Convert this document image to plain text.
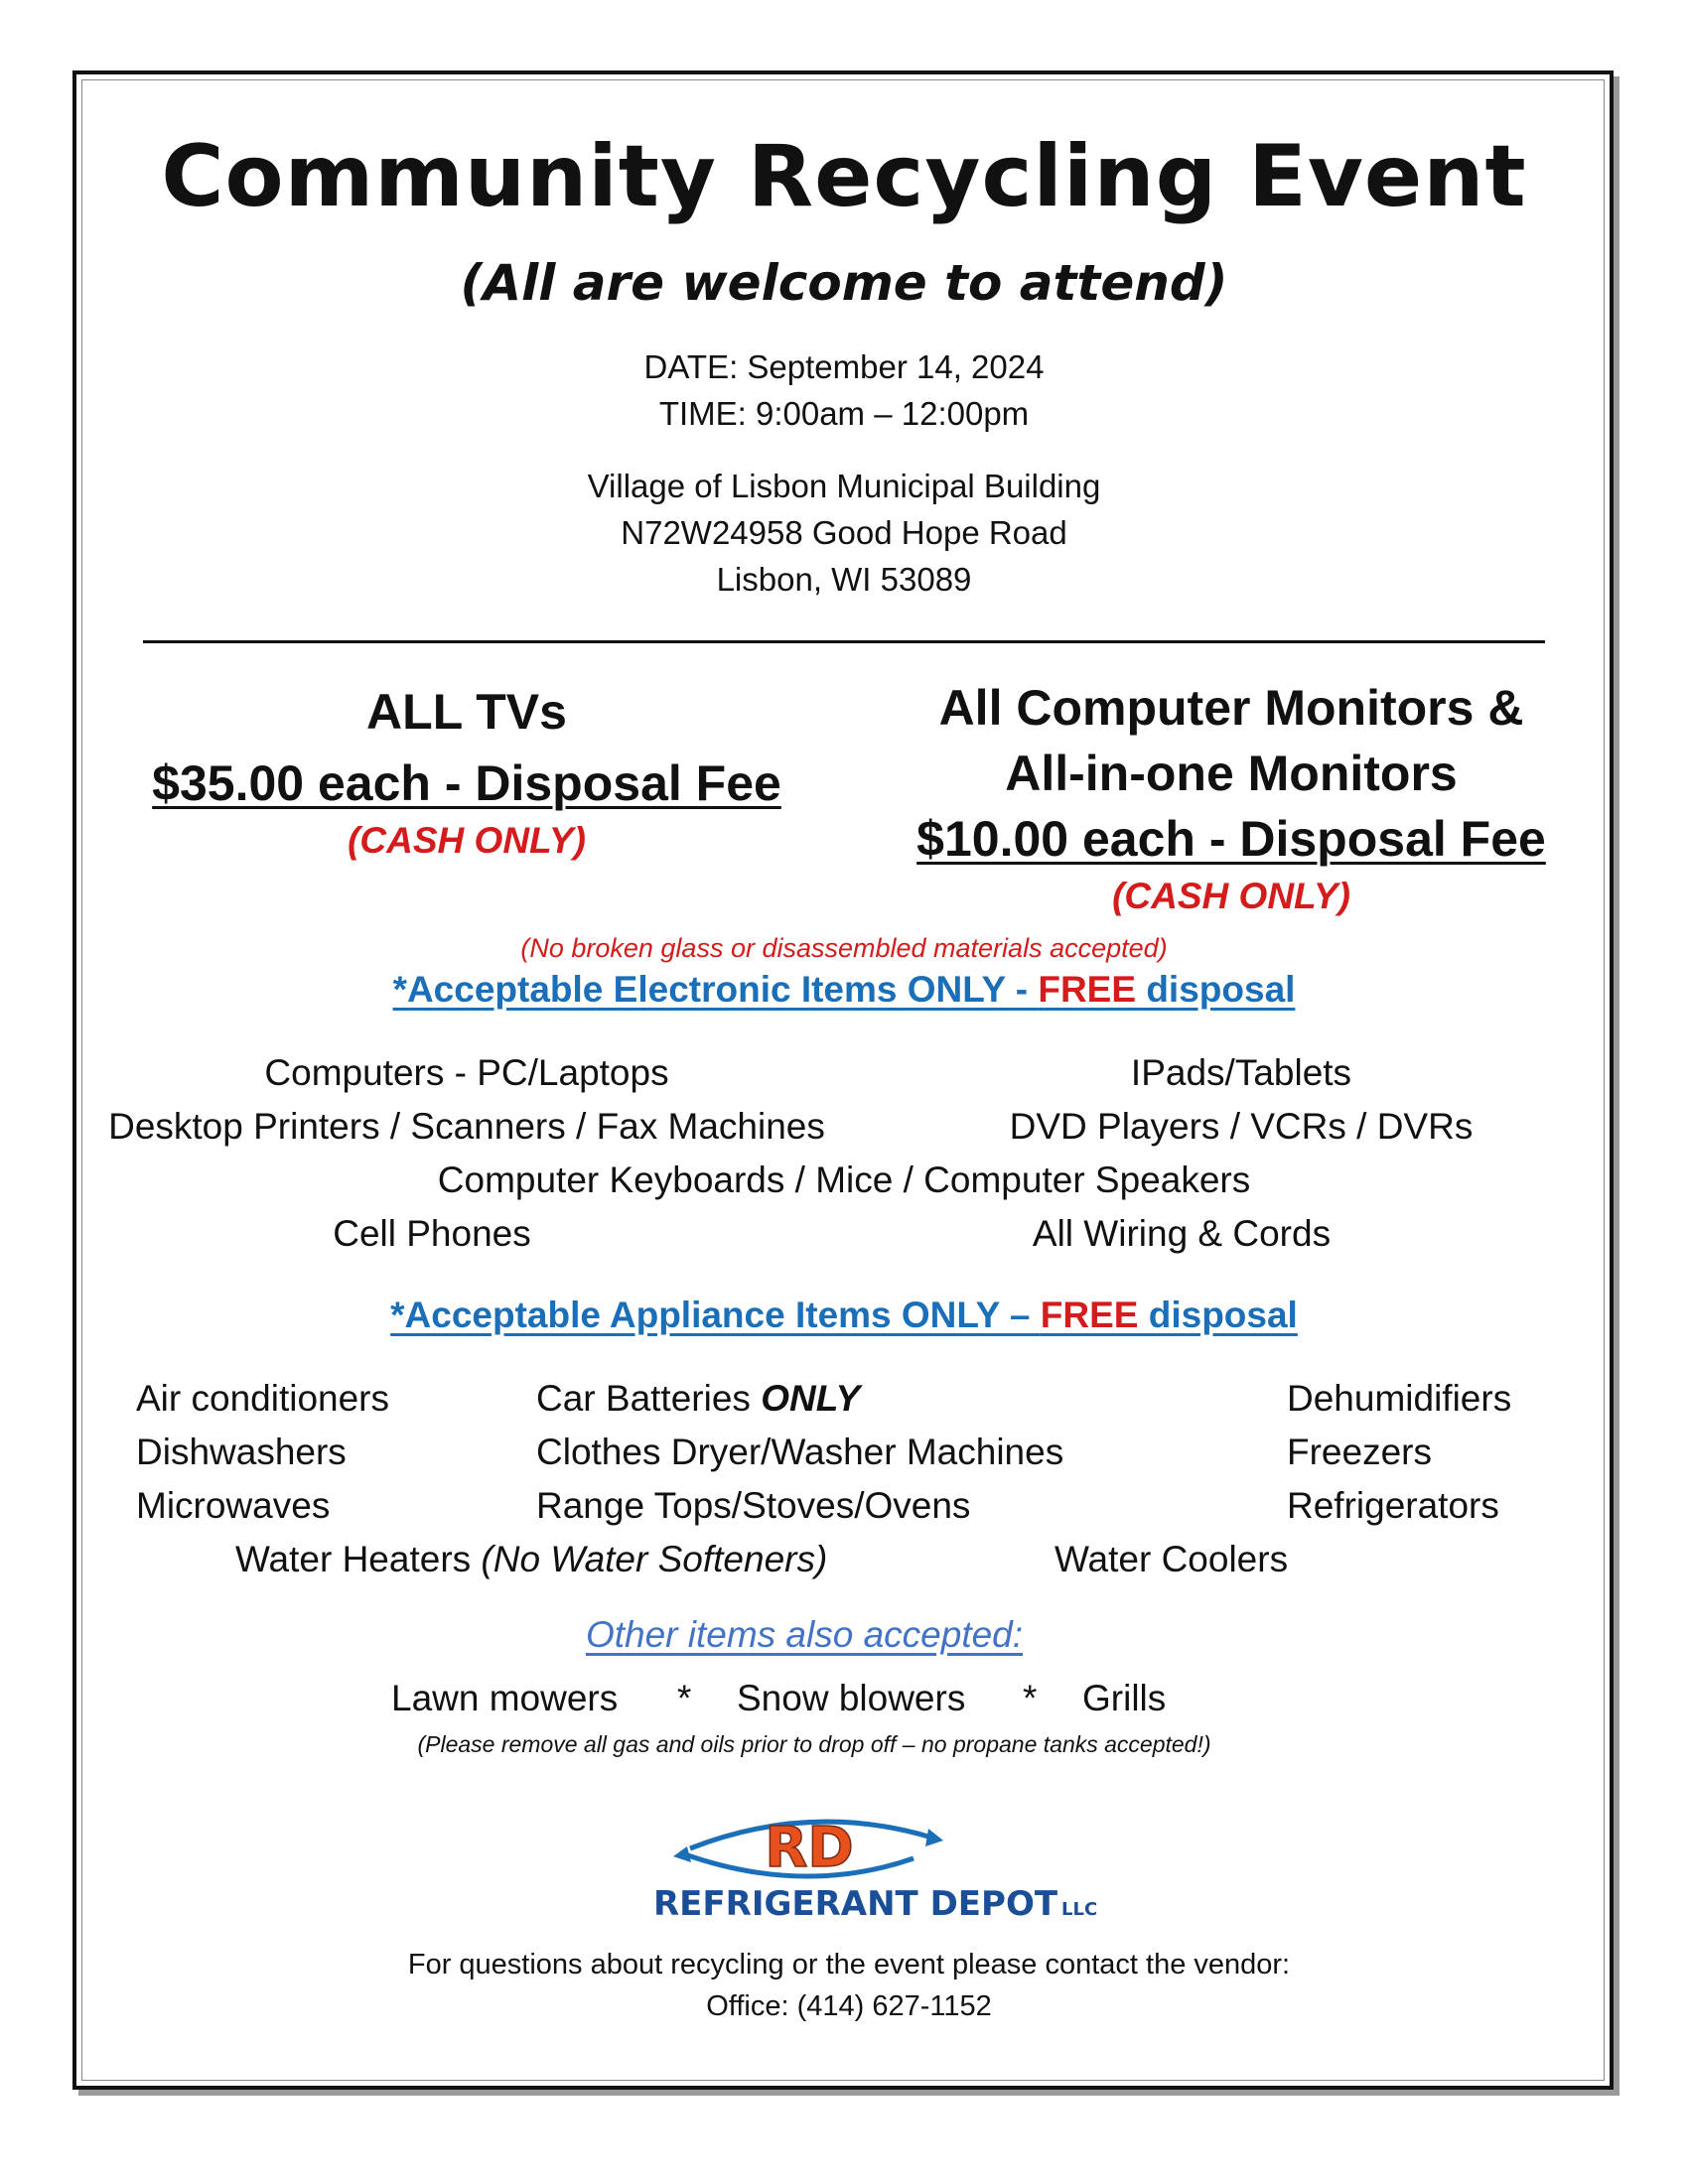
Community Recycling Event
(All are welcome to attend)
DATE: September 14, 2024
TIME: 9:00am – 12:00pm
Village of Lisbon Municipal Building
N72W24958 Good Hope Road
Lisbon, WI 53089
ALL TVs
$35.00 each - Disposal Fee
(CASH ONLY)
All Computer Monitors &
All-in-one Monitors
$10.00 each - Disposal Fee
(CASH ONLY)
(No broken glass or disassembled materials accepted)
*Acceptable Electronic Items ONLY - FREE disposal
Computers - PC/Laptops	IPads/Tablets
Desktop Printers / Scanners / Fax Machines	DVD Players / VCRs / DVRs
Computer Keyboards / Mice / Computer Speakers
Cell Phones	All Wiring & Cords
*Acceptable Appliance Items ONLY – FREE disposal
Air conditioners	Car Batteries ONLY	Dehumidifiers
Dishwashers	Clothes Dryer/Washer Machines	Freezers
Microwaves	Range Tops/Stoves/Ovens	Refrigerators
Water Heaters (No Water Softeners)	Water Coolers
Other items also accepted:
Lawn mowers * Snow blowers * Grills
(Please remove all gas and oils prior to drop off – no propane tanks accepted!)
RD
REFRIGERANT DEPOT LLC
For questions about recycling or the event please contact the vendor:
Office: (414) 627-1152
